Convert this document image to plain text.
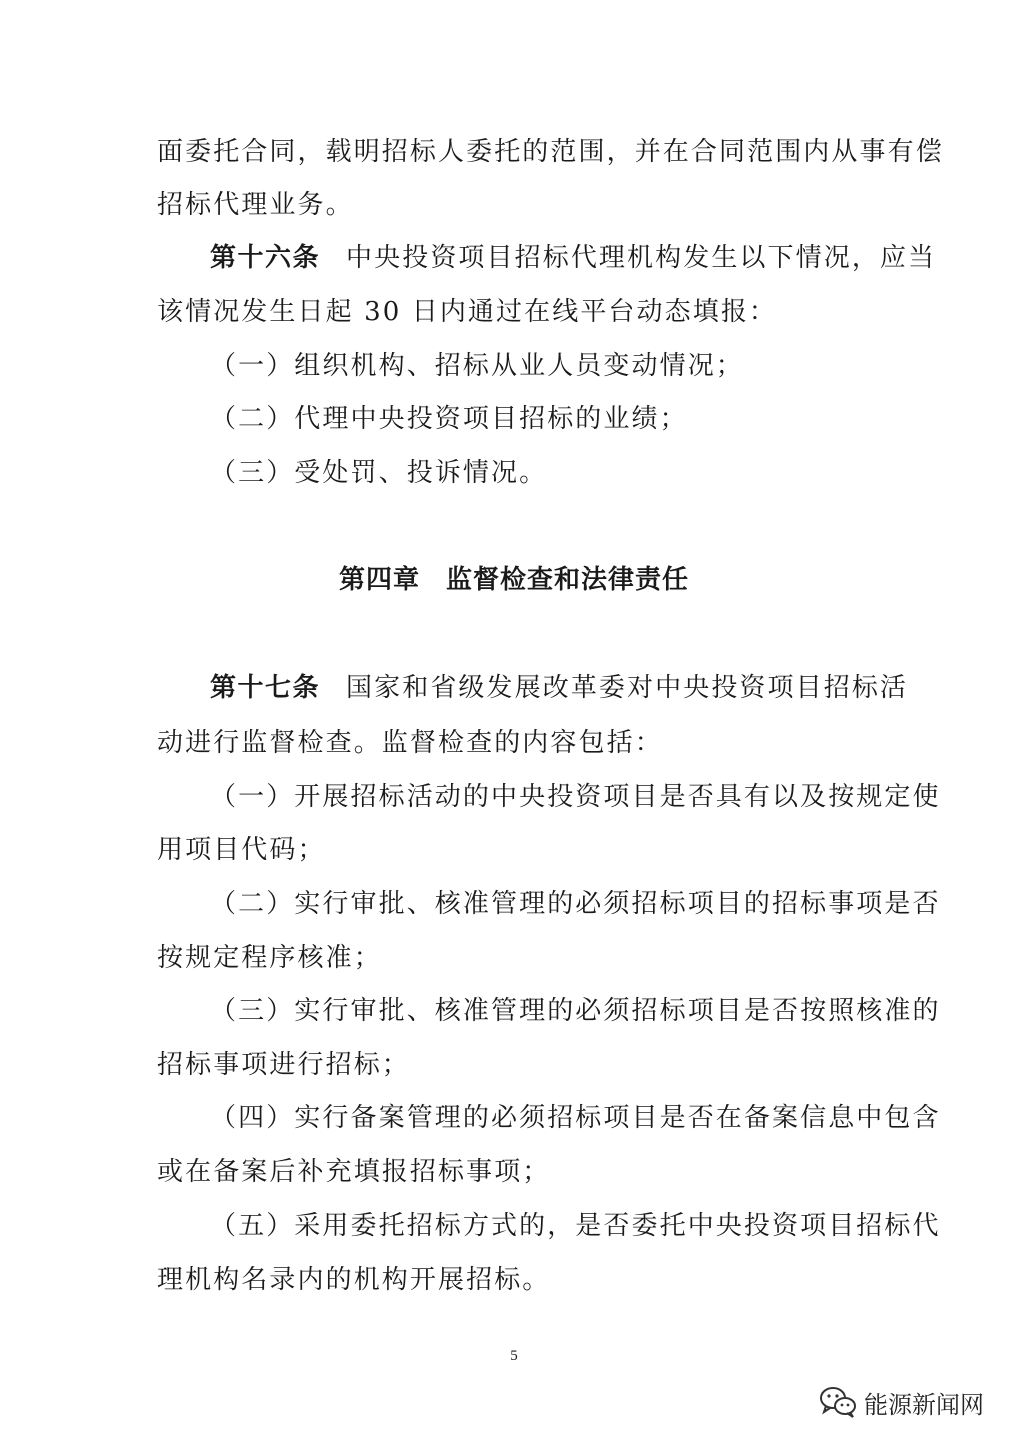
面委托合同，载明招标人委托的范围，并在合同范围内从事有偿
招标代理业务。
第十六条 中央投资项目招标代理机构发生以下情况，应当
该情况发生日起 30 日内通过在线平台动态填报：
（一）组织机构、招标从业人员变动情况；
（二）代理中央投资项目招标的业绩；
（三）受处罚、投诉情况。
第四章 监督检查和法律责任
第十七条 国家和省级发展改革委对中央投资项目招标活
动进行监督检查。监督检查的内容包括：
（一）开展招标活动的中央投资项目是否具有以及按规定使
用项目代码；
（二）实行审批、核准管理的必须招标项目的招标事项是否
按规定程序核准；
（三）实行审批、核准管理的必须招标项目是否按照核准的
招标事项进行招标；
（四）实行备案管理的必须招标项目是否在备案信息中包含
或在备案后补充填报招标事项；
（五）采用委托招标方式的，是否委托中央投资项目招标代
理机构名录内的机构开展招标。
5
能源新闻网
